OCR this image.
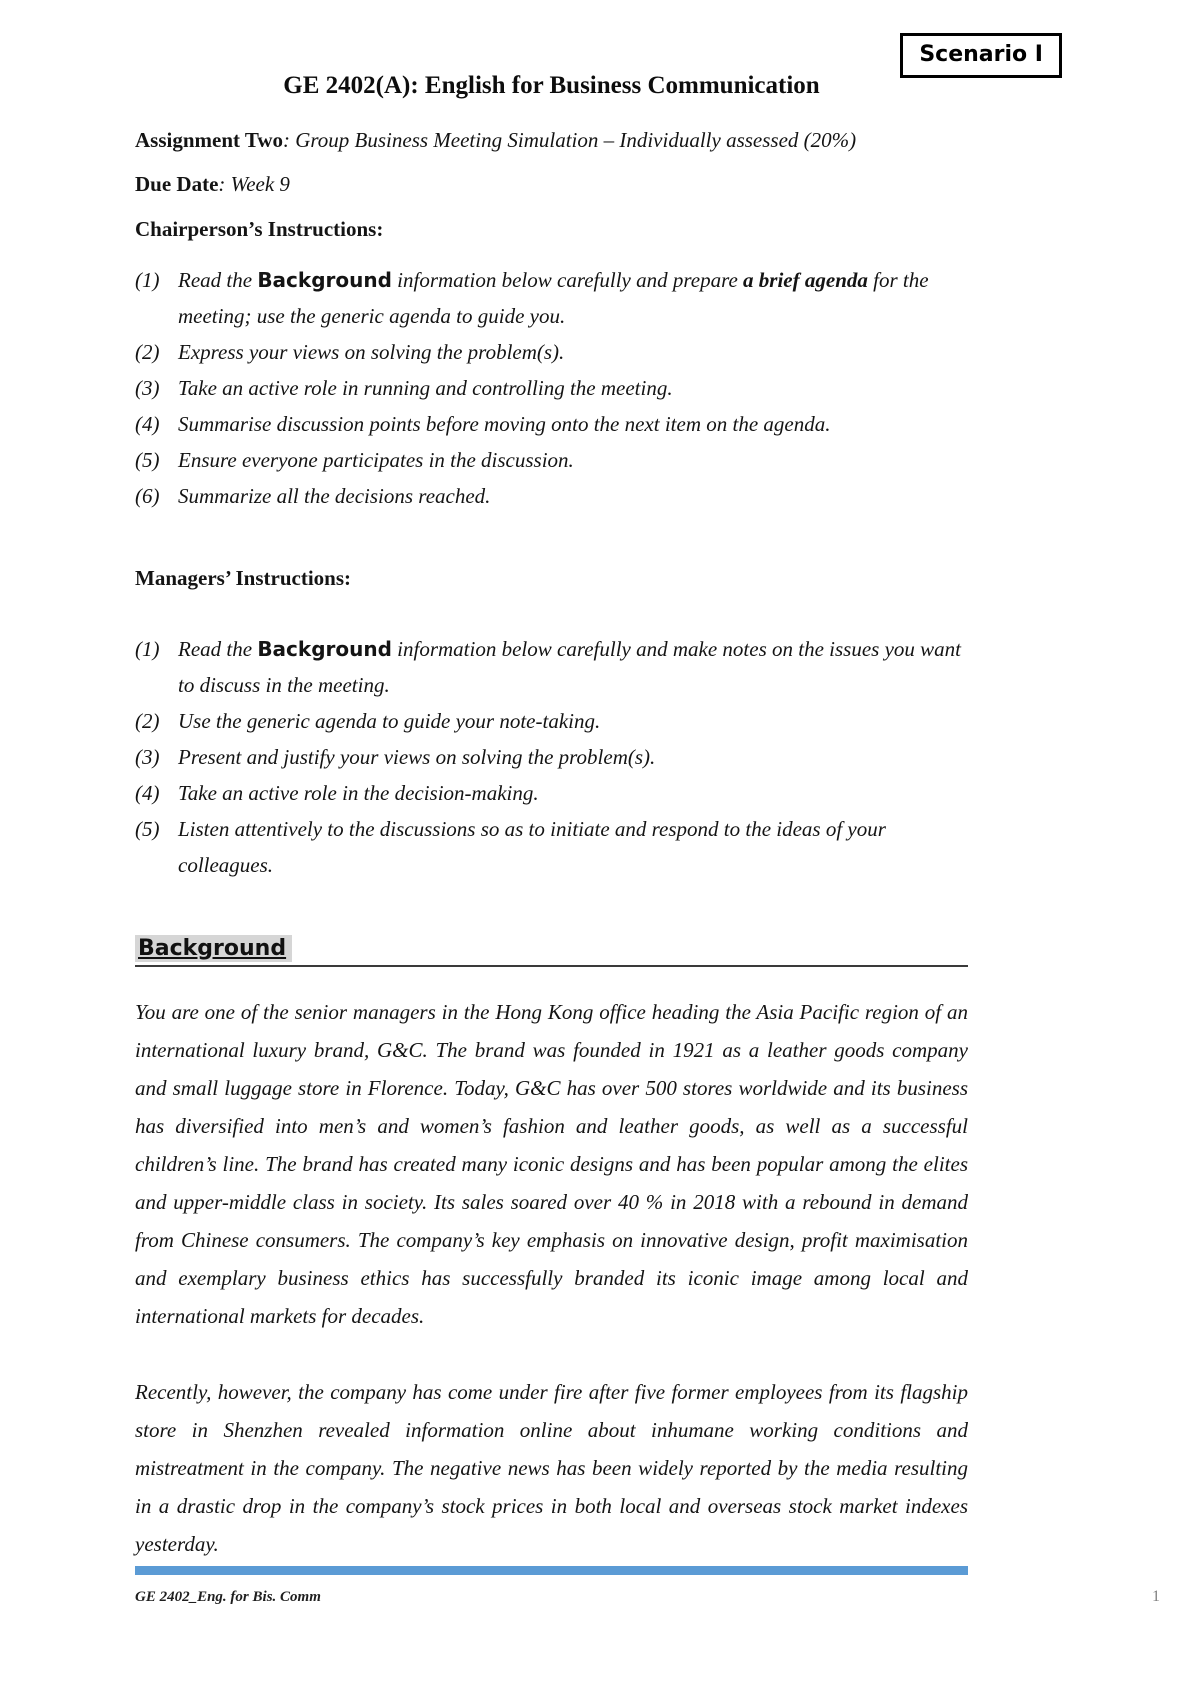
Scenario I
GE 2402(A): English for Business Communication

Assignment Two: Group Business Meeting Simulation – Individually assessed (20%)

Due Date: Week 9

Chairperson’s Instructions:
(1) Read the Background information below carefully and prepare a brief agenda for the meeting; use the generic agenda to guide you.
(2) Express your views on solving the problem(s).
(3) Take an active role in running and controlling the meeting.
(4) Summarise discussion points before moving onto the next item on the agenda.
(5) Ensure everyone participates in the discussion.
(6) Summarize all the decisions reached.
Managers’ Instructions:
(1) Read the Background information below carefully and make notes on the issues you want to discuss in the meeting.
(2) Use the generic agenda to guide your note-taking.
(3) Present and justify your views on solving the problem(s).
(4) Take an active role in the decision-making.
(5) Listen attentively to the discussions so as to initiate and respond to the ideas of your colleagues.
Background

You are one of the senior managers in the Hong Kong office heading the Asia Pacific region of an international luxury brand, G&C. The brand was founded in 1921 as a leather goods company and small luggage store in Florence. Today, G&C has over 500 stores worldwide and its business has diversified into men’s and women’s fashion and leather goods, as well as a successful children’s line. The brand has created many iconic designs and has been popular among the elites and upper-middle class in society. Its sales soared over 40 % in 2018 with a rebound in demand from Chinese consumers. The company’s key emphasis on innovative design, profit maximisation and exemplary business ethics has successfully branded its iconic image among local and international markets for decades.

Recently, however, the company has come under fire after five former employees from its flagship store in Shenzhen revealed information online about inhumane working conditions and mistreatment in the company. The negative news has been widely reported by the media resulting in a drastic drop in the company’s stock prices in both local and overseas stock market indexes yesterday.

GE 2402_Eng. for Bis. Comm	1
